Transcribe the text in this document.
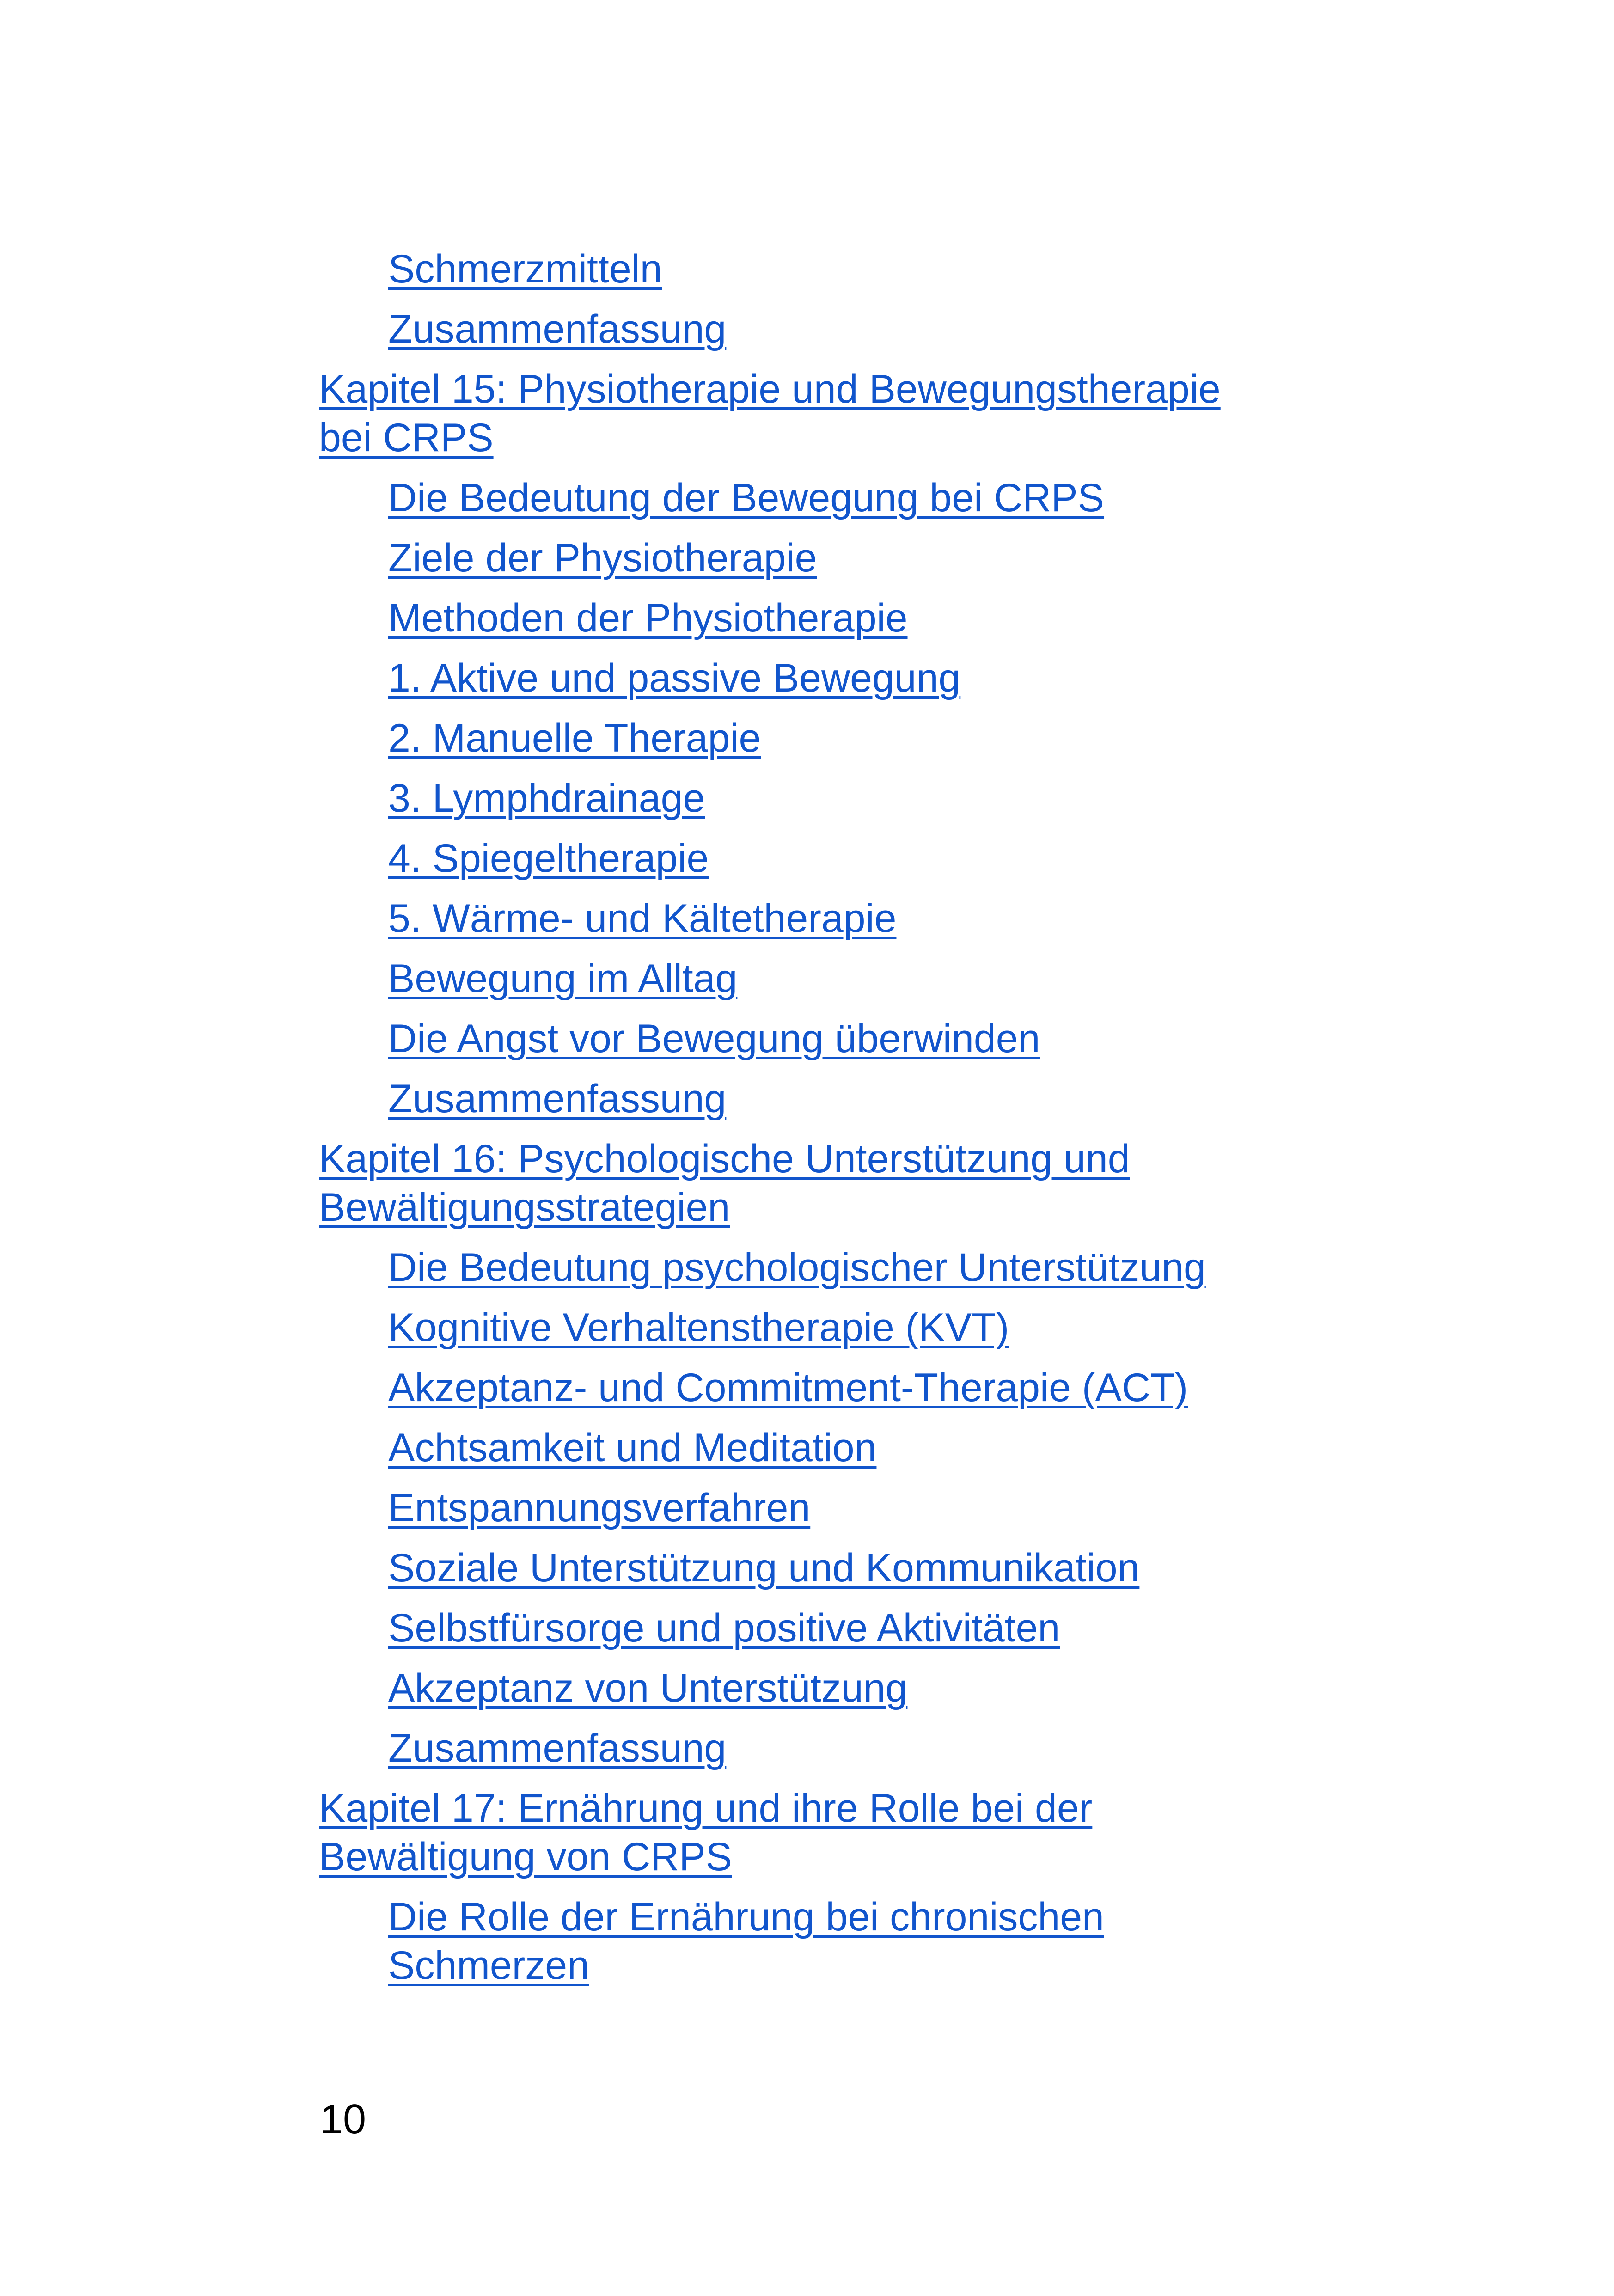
Schmerzmitteln
Zusammenfassung
Kapitel 15: Physiotherapie und Bewegungstherapie
bei CRPS
Die Bedeutung der Bewegung bei CRPS
Ziele der Physiotherapie
Methoden der Physiotherapie
1. Aktive und passive Bewegung
2. Manuelle Therapie
3. Lymphdrainage
4. Spiegeltherapie
5. Wärme- und Kältetherapie
Bewegung im Alltag
Die Angst vor Bewegung überwinden
Zusammenfassung
Kapitel 16: Psychologische Unterstützung und
Bewältigungsstrategien
Die Bedeutung psychologischer Unterstützung
Kognitive Verhaltenstherapie (KVT)
Akzeptanz- und Commitment-Therapie (ACT)
Achtsamkeit und Meditation
Entspannungsverfahren
Soziale Unterstützung und Kommunikation
Selbstfürsorge und positive Aktivitäten
Akzeptanz von Unterstützung
Zusammenfassung
Kapitel 17: Ernährung und ihre Rolle bei der
Bewältigung von CRPS
Die Rolle der Ernährung bei chronischen
Schmerzen
10
